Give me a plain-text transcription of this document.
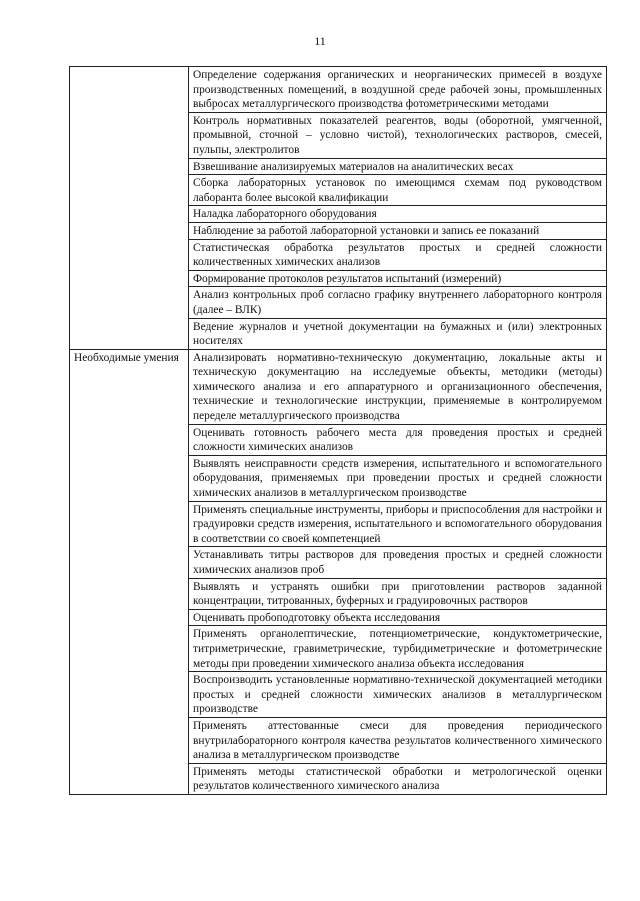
11
	Определение содержания органических и неорганических примесей в воздухе производственных помещений, в воздушной среде рабочей зоны, промышленных выбросах металлургического производства фотометрическими методами
	Контроль нормативных показателей реагентов, воды (оборотной, умягченной, промывной, сточной – условно чистой), технологических растворов, смесей, пульпы, электролитов
	Взвешивание анализируемых материалов на аналитических весах
	Сборка лабораторных установок по имеющимся схемам под руководством лаборанта более высокой квалификации
	Наладка лабораторного оборудования
	Наблюдение за работой лабораторной установки и запись ее показаний
	Статистическая обработка результатов простых и средней сложности количественных химических анализов
	Формирование протоколов результатов испытаний (измерений)
	Анализ контрольных проб согласно графику внутреннего лабораторного контроля (далее – ВЛК)
	Ведение журналов и учетной документации на бумажных и (или) электронных носителях
Необходимые умения	Анализировать нормативно-техническую документацию, локальные акты и техническую документацию на исследуемые объекты, методики (методы) химического анализа и его аппаратурного и организационного обеспечения, технические и технологические инструкции, применяемые в контролируемом переделе металлургического производства
	Оценивать готовность рабочего места для проведения простых и средней сложности химических анализов
	Выявлять неисправности средств измерения, испытательного и вспомогательного оборудования, применяемых при проведении простых и средней сложности химических анализов в металлургическом производстве
	Применять специальные инструменты, приборы и приспособления для настройки и градуировки средств измерения, испытательного и вспомогательного оборудования в соответствии со своей компетенцией
	Устанавливать титры растворов для проведения простых и средней сложности химических анализов проб
	Выявлять и устранять ошибки при приготовлении растворов заданной концентрации, титрованных, буферных и градуировочных растворов
	Оценивать пробоподготовку объекта исследования
	Применять органолептические, потенциометрические, кондуктометрические, титриметрические, гравиметрические, турбидиметрические и фотометрические методы при проведении химического анализа объекта исследования
	Воспроизводить установленные нормативно-технической документацией методики простых и средней сложности химических анализов в металлургическом производстве
	Применять аттестованные смеси для проведения периодического внутрилабораторного контроля качества результатов количественного химического анализа в металлургическом производстве
	Применять методы статистической обработки и метрологической оценки результатов количественного химического анализа
